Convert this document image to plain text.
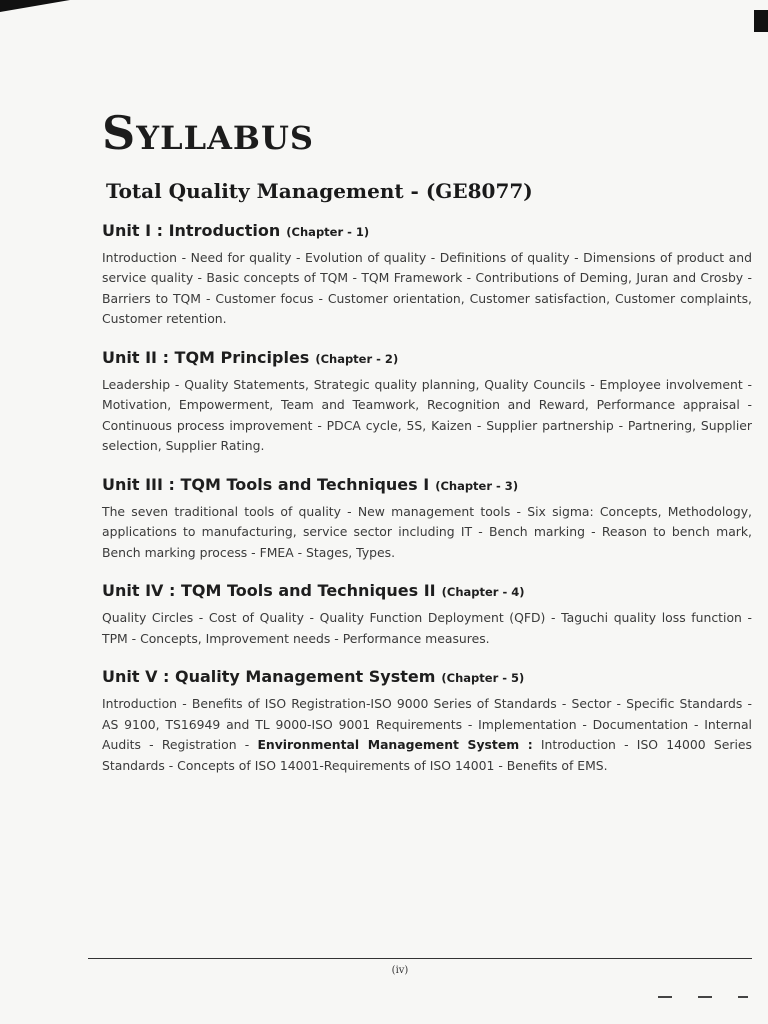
Syllabus
Total Quality Management - (GE8077)
Unit I : Introduction (Chapter - 1)

Introduction - Need for quality - Evolution of quality - Definitions of quality - Dimensions of product and service quality - Basic concepts of TQM - TQM Framework - Contributions of Deming, Juran and Crosby - Barriers to TQM - Customer focus - Customer orientation, Customer satisfaction, Customer complaints, Customer retention.

Unit II : TQM Principles (Chapter - 2)

Leadership - Quality Statements, Strategic quality planning, Quality Councils - Employee involvement - Motivation, Empowerment, Team and Teamwork, Recognition and Reward, Performance appraisal - Continuous process improvement - PDCA cycle, 5S, Kaizen - Supplier partnership - Partnering, Supplier selection, Supplier Rating.

Unit III : TQM Tools and Techniques I (Chapter - 3)

The seven traditional tools of quality - New management tools - Six sigma: Concepts, Methodology, applications to manufacturing, service sector including IT - Bench marking - Reason to bench mark, Bench marking process - FMEA - Stages, Types.

Unit IV : TQM Tools and Techniques II (Chapter - 4)

Quality Circles - Cost of Quality - Quality Function Deployment (QFD) - Taguchi quality loss function - TPM - Concepts, Improvement needs - Performance measures.

Unit V : Quality Management System (Chapter - 5)

Introduction - Benefits of ISO Registration-ISO 9000 Series of Standards - Sector - Specific Standards - AS 9100, TS16949 and TL 9000-ISO 9001 Requirements - Implementation - Documentation - Internal Audits - Registration - Environmental Management System : Introduction - ISO 14000 Series Standards - Concepts of ISO 14001-Requirements of ISO 14001 - Benefits of EMS.

(iv)
